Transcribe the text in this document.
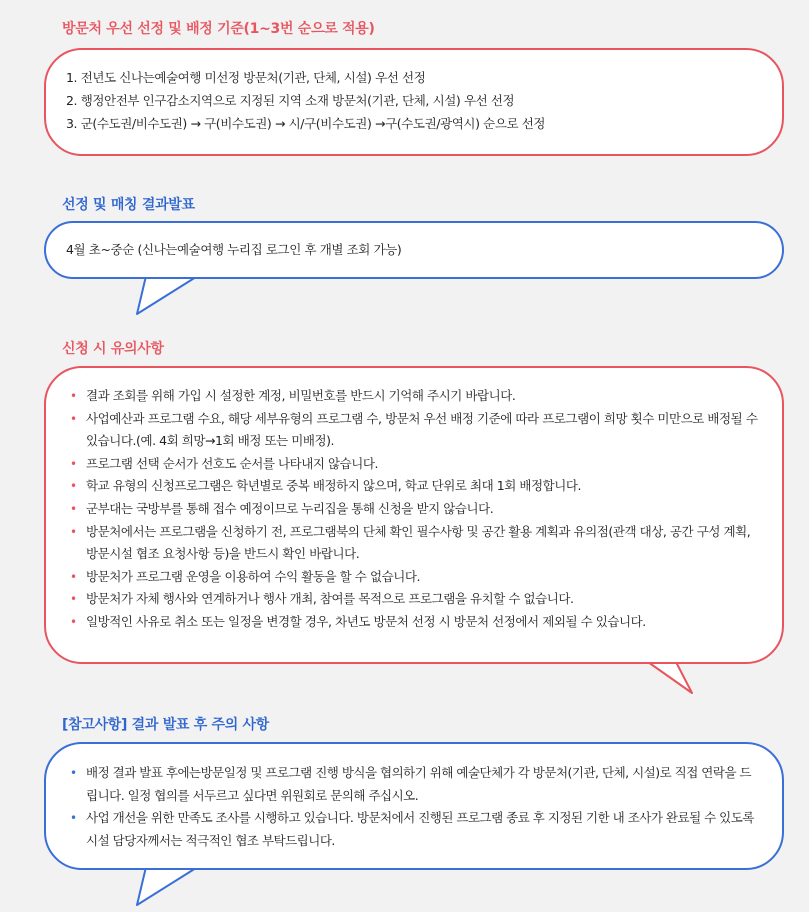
방문처 우선 선정 및 배정 기준(1~3번 순으로 적용)
1. 전년도 신나는예술여행 미선정 방문처(기관, 단체, 시설) 우선 선정
2. 행정안전부 인구감소지역으로 지정된 지역 소재 방문처(기관, 단체, 시설) 우선 선정
3. 군(수도권/비수도권) → 구(비수도권) → 시/구(비수도권) →구(수도권/광역시) 순으로 선정
선정 및 매칭 결과발표
4월 초~중순 (신나는예술여행 누리집 로그인 후 개별 조회 가능)
신청 시 유의사항
• 결과 조회를 위해 가입 시 설정한 계정, 비밀번호를 반드시 기억해 주시기 바랍니다.
• 사업예산과 프로그램 수요, 해당 세부유형의 프로그램 수, 방문처 우선 배정 기준에 따라 프로그램이 희망 횟수 미만으로 배정될 수 있습니다.(예. 4회 희망→1회 배정 또는 미배정).
• 프로그램 선택 순서가 선호도 순서를 나타내지 않습니다.
• 학교 유형의 신청프로그램은 학년별로 중복 배정하지 않으며, 학교 단위로 최대 1회 배정합니다.
• 군부대는 국방부를 통해 접수 예정이므로 누리집을 통해 신청을 받지 않습니다.
• 방문처에서는 프로그램을 신청하기 전, 프로그램북의 단체 확인 필수사항 및 공간 활용 계획과 유의점(관객 대상, 공간 구성 계획, 방문시설 협조 요청사항 등)을 반드시 확인 바랍니다.
• 방문처가 프로그램 운영을 이용하여 수익 활동을 할 수 없습니다.
• 방문처가 자체 행사와 연계하거나 행사 개최, 참여를 목적으로 프로그램을 유치할 수 없습니다.
• 일방적인 사유로 취소 또는 일정을 변경할 경우, 차년도 방문처 선정 시 방문처 선정에서 제외될 수 있습니다.
[참고사항] 결과 발표 후 주의 사항
• 배정 결과 발표 후에는방문일정 및 프로그램 진행 방식을 협의하기 위해 예술단체가 각 방문처(기관, 단체, 시설)로 직접 연락을 드립니다. 일정 협의를 서두르고 싶다면 위원회로 문의해 주십시오.
• 사업 개선을 위한 만족도 조사를 시행하고 있습니다. 방문처에서 진행된 프로그램 종료 후 지정된 기한 내 조사가 완료될 수 있도록 시설 담당자께서는 적극적인 협조 부탁드립니다.
